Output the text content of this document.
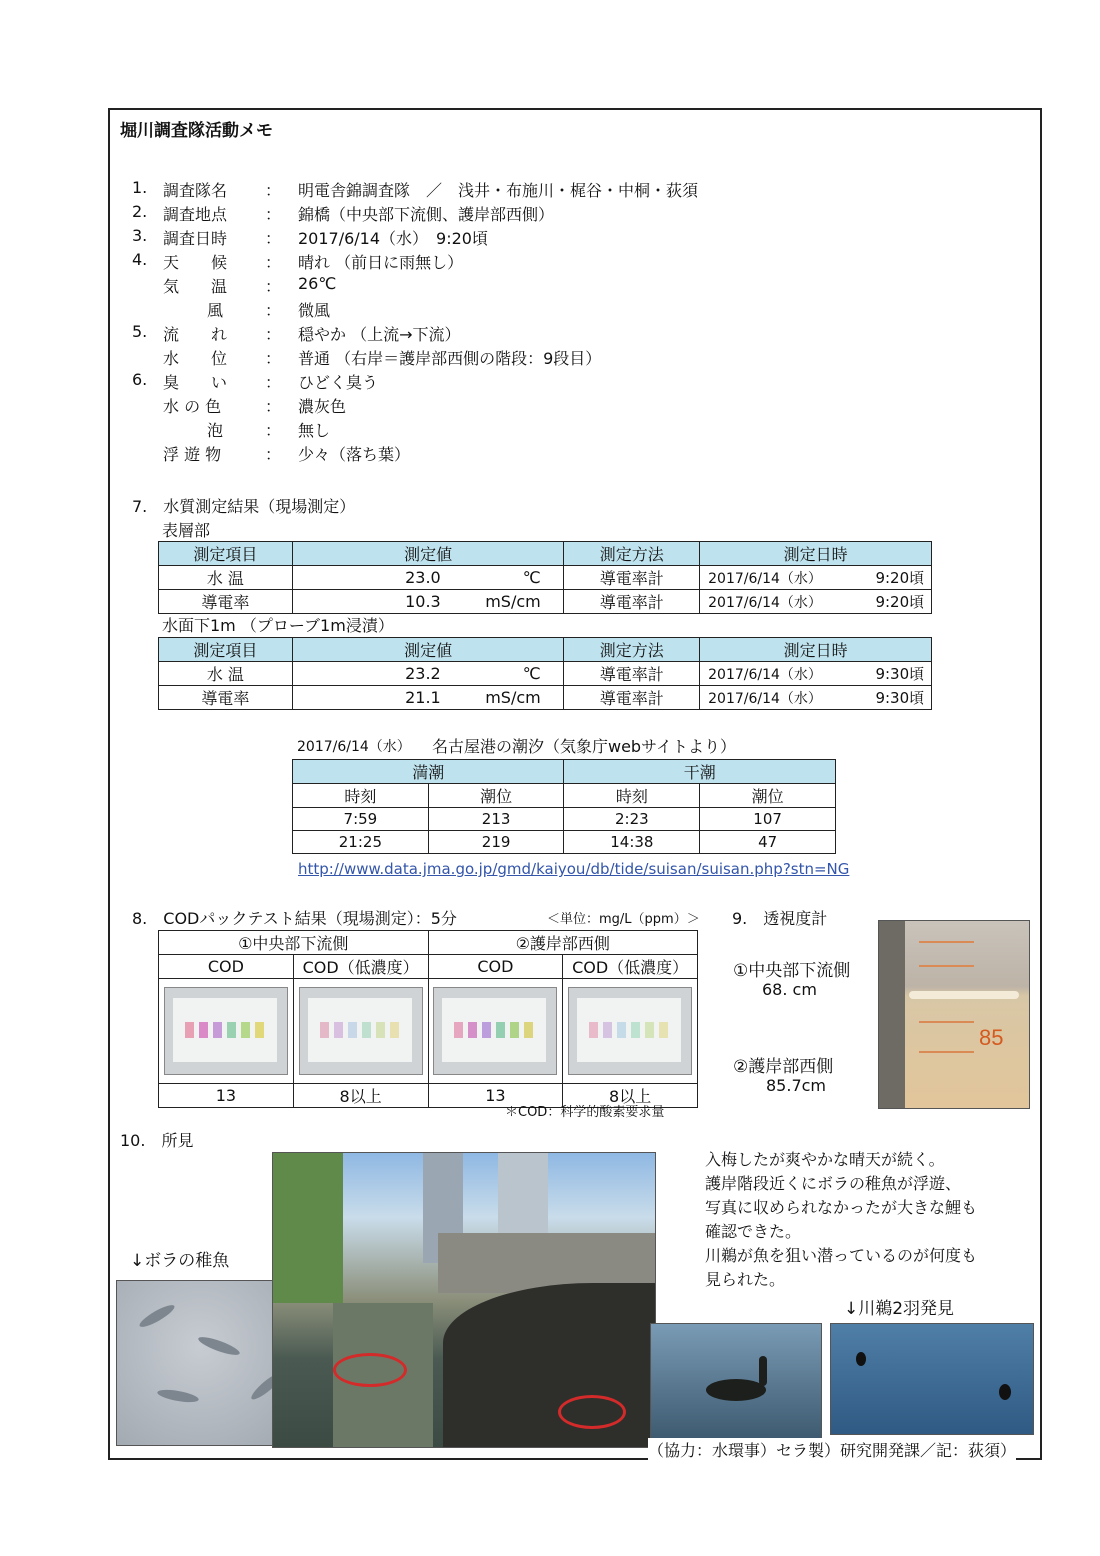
堀川調査隊活動メモ
1. 調査隊名	： 明電舎錦調査隊　／　浅井・布施川・梶谷・中桐・荻須
2. 調査地点	： 錦橋（中央部下流側、護岸部西側）
3. 調査日時	： 2017/6/14（水）　9:20頃
4. 天　　候	： 晴れ （前日に雨無し）
気　　温	： 26℃
風	： 微風
5. 流　　れ	： 穏やか （上流→下流）
水　　位	： 普通 （右岸＝護岸部西側の階段：9段目）
6. 臭　　い	： ひどく臭う
水 の 色	： 濃灰色
泡	： 無し
浮 遊 物	： 少々（落ち葉）
7.　水質測定結果（現場測定）
表層部
測定項目	測定値	測定方法	測定日時
水 温	23.0 ℃	導電率計	2017/6/14（水） 9:20頃
導電率	10.3 mS/cm	導電率計	2017/6/14（水） 9:20頃
水面下1m （プローブ1m浸漬）
測定項目	測定値	測定方法	測定日時
水 温	23.2 ℃	導電率計	2017/6/14（水） 9:30頃
導電率	21.1 mS/cm	導電率計	2017/6/14（水） 9:30頃
2017/6/14（水） 名古屋港の潮汐（気象庁webサイトより）
満潮		干潮	
時刻	潮位	時刻	潮位
7:59	213	2:23	107
21:25	219	14:38	47
http://www.data.jma.go.jp/gmd/kaiyou/db/tide/suisan/suisan.php?stn=NG
8.　CODパックテスト結果（現場測定）：5分	＜単位：mg/L（ppm）＞
①中央部下流側		②護岸部西側	
COD	COD（低濃度）	COD	COD（低濃度）

13	8以上	13	8以上
＊COD：科学的酸素要求量
9.　透視度計
①中央部下流側
68. cm
②護岸部西側
85.7cm
85
10.　所見
↓ボラの稚魚
入梅したが爽やかな晴天が続く。
護岸階段近くにボラの稚魚が浮遊、
写真に収められなかったが大きな鯉も
確認できた。
川鵜が魚を狙い潜っているのが何度も
見られた。
↓川鵜2羽発見
（協力：水環事）セラ製）研究開発課／記：荻須）
